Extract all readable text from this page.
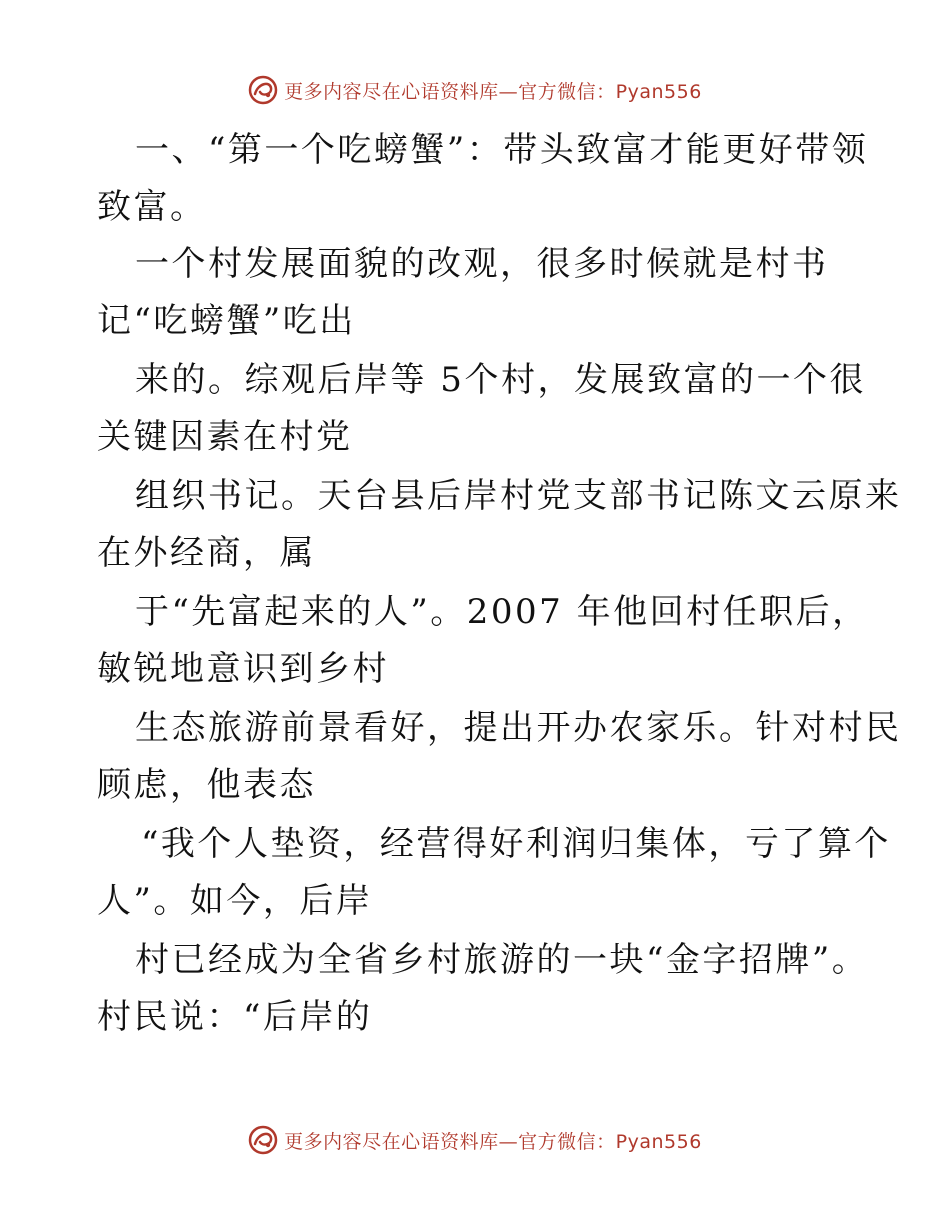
更多内容尽在心语资料库—官方微信：Pyan556
一、“第一个吃螃蟹”：带头致富才能更好带领
致富。
一个村发展面貌的改观，很多时候就是村书
记“吃螃蟹”吃出
来的。综观后岸等 5个村，发展致富的一个很
关键因素在村党
组织书记。天台县后岸村党支部书记陈文云原来
在外经商，属
于“先富起来的人”。2007 年他回村任职后，
敏锐地意识到乡村
生态旅游前景看好，提出开办农家乐。针对村民
顾虑，他表态
“我个人垫资，经营得好利润归集体，亏了算个
人”。如今，后岸
村已经成为全省乡村旅游的一块“金字招牌”。
村民说：“后岸的
更多内容尽在心语资料库—官方微信：Pyan556
